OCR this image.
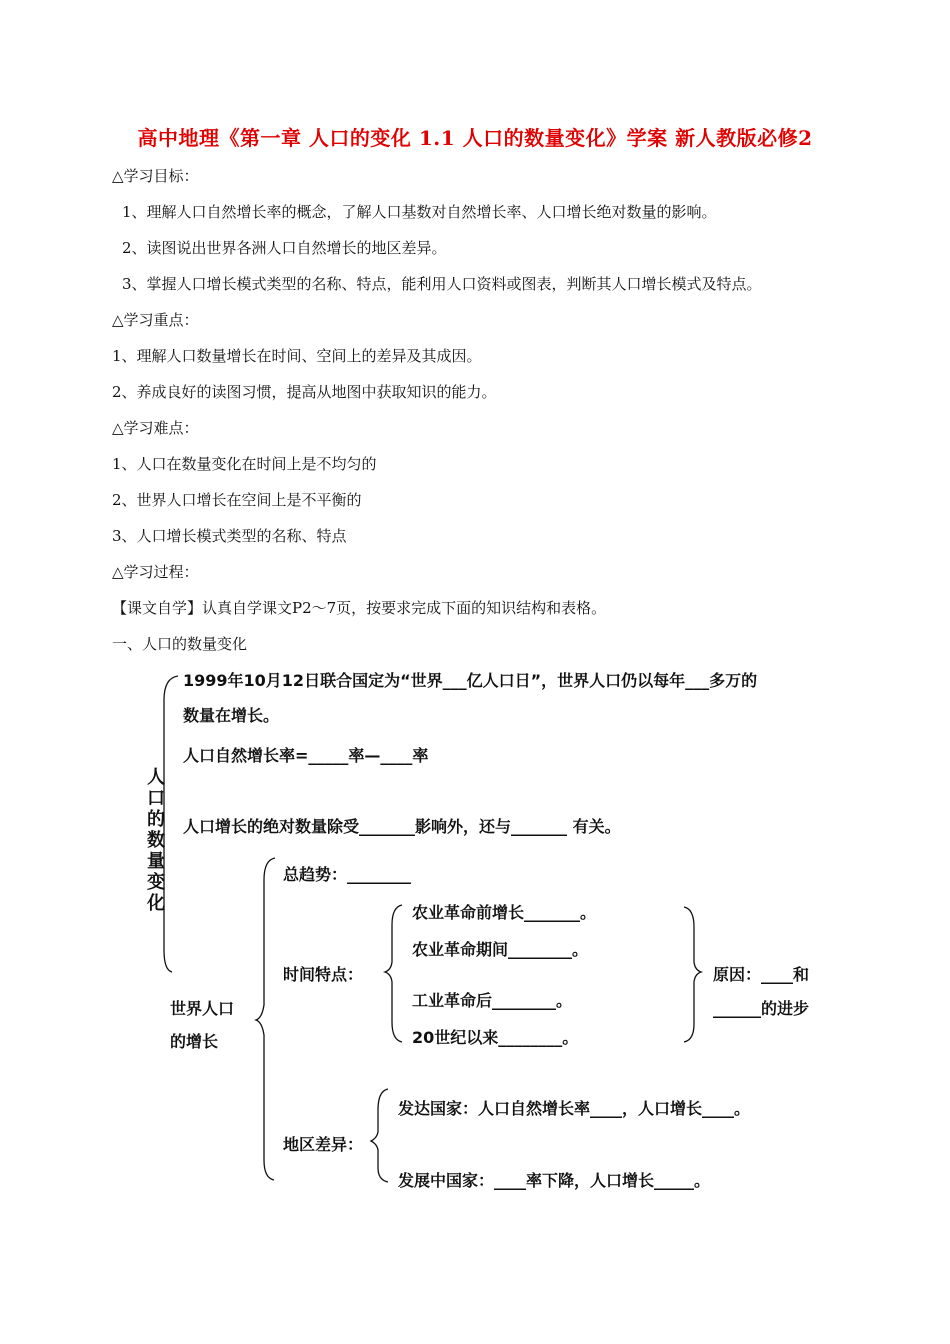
高中地理《第一章 人口的变化 1.1 人口的数量变化》学案 新人教版必修2
△学习目标：
1、理解人口自然增长率的概念，了解人口基数对自然增长率、人口增长绝对数量的影响。
2、读图说出世界各洲人口自然增长的地区差异。
3、掌握人口增长模式类型的名称、特点，能利用人口资料或图表，判断其人口增长模式及特点。
△学习重点：
1、理解人口数量增长在时间、空间上的差异及其成因。
2、养成良好的读图习惯，提高从地图中获取知识的能力。
△学习难点：
1、人口在数量变化在时间上是不均匀的
2、世界人口增长在空间上是不平衡的
3、人口增长模式类型的名称、特点
△学习过程：
【课文自学】认真自学课文P2～7页，按要求完成下面的知识结构和表格。
一、人口的数量变化
人口的数量变化
1999年10月12日联合国定为“世界___亿人口日”，世界人口仍以每年___多万的
数量在增长。
人口自然增长率=_____率—____率
人口增长的绝对数量除受_______影响外，还与_______ 有关。
世界人口
的增长
总趋势：________
时间特点：
农业革命前增长_______。
农业革命期间________。
工业革命后________。
20世纪以来________。
原因：____和
______的进步
地区差异：
发达国家：人口自然增长率____，人口增长____。
发展中国家：____率下降，人口增长_____。
